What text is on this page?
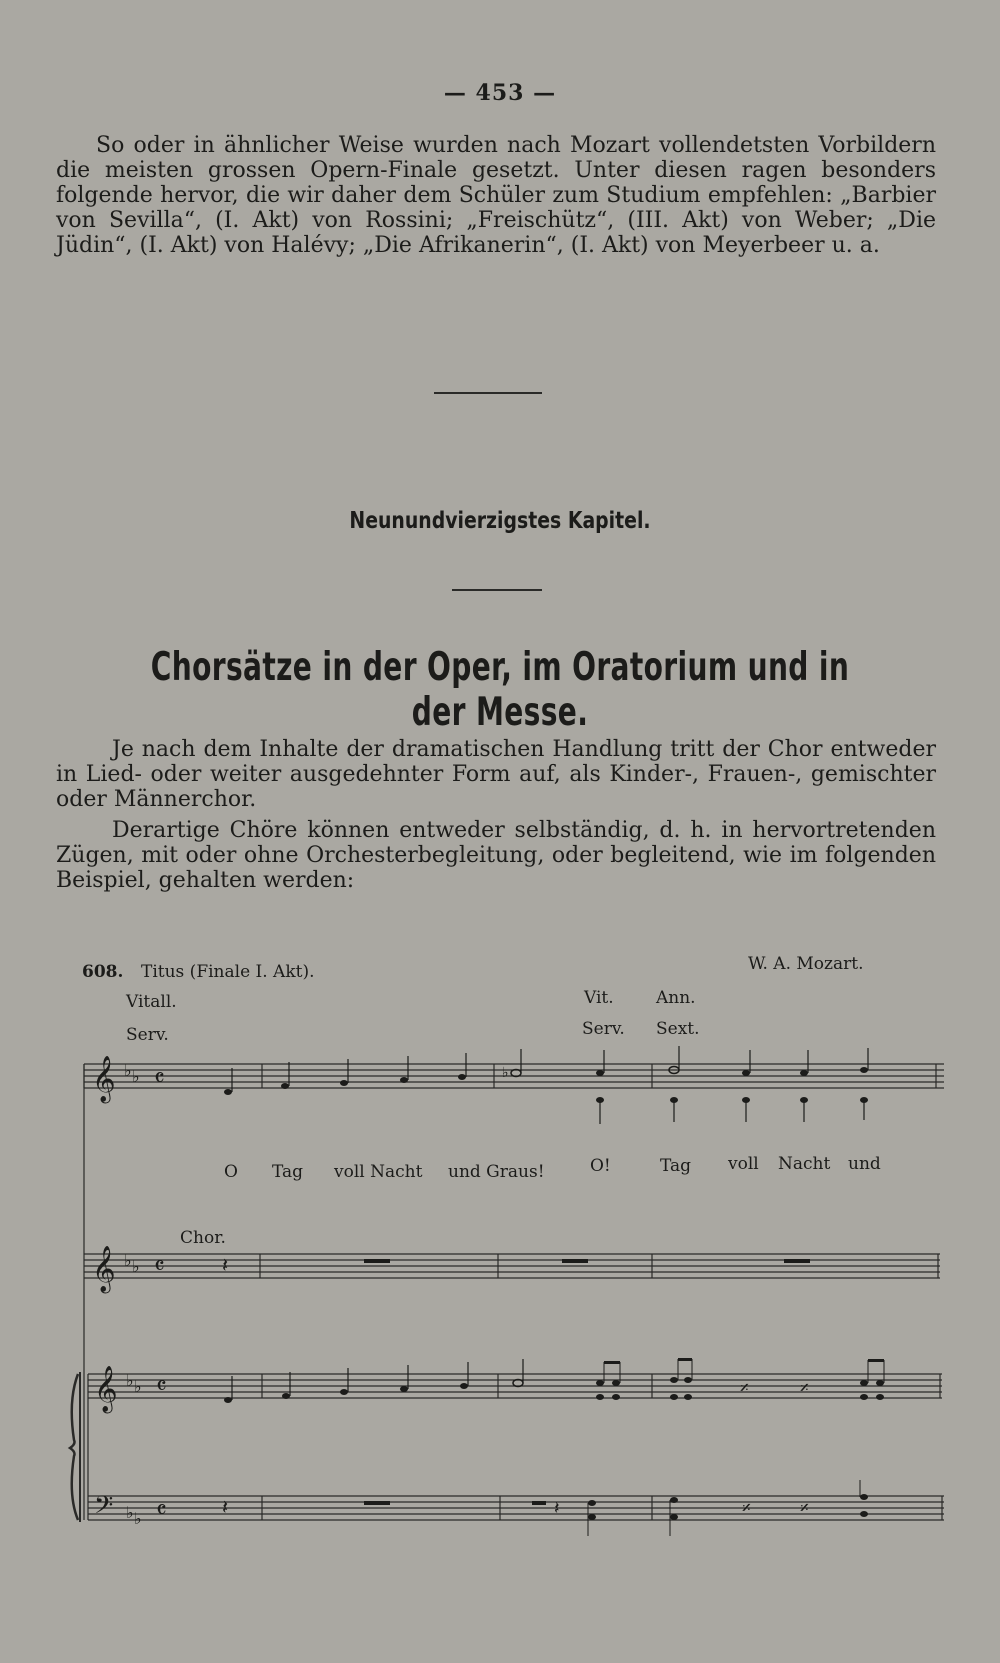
— 453 —
So oder in ähnlicher Weise wurden nach Mozart vollendetsten Vorbildern die meisten grossen Opern-Finale gesetzt. Unter diesen ragen besonders folgende hervor, die wir daher dem Schüler zum Studium empfehlen: „Barbier von Sevilla“, (I. Akt) von Rossini; „Freischütz“, (III. Akt) von Weber; „Die Jüdin“, (I. Akt) von Halévy; „Die Afrikanerin“, (I. Akt) von Meyerbeer u. a.
Neunundvierzigstes Kapitel.
Chorsätze in der Oper, im Oratorium und in der Messe.
Je nach dem Inhalte der dramatischen Handlung tritt der Chor entweder in Lied- oder weiter ausgedehnter Form auf, als Kinder-, Frauen-, gemischter oder Männerchor.
Derartige Chöre können entweder selbständig, d. h. in hervortretenden Zügen, mit oder ohne Orchesterbegleitung, oder begleitend, wie im folgenden Beispiel, gehalten werden:
608. Titus (Finale I. Akt).	W. A. Mozart.
Vitall.
Serv.
Vit.
Serv.
Ann.
Sext.
𝄞
𝄞
𝄞
𝄢
♭ ♭
♭ ♭
♭ ♭
♭ ♭
𝄴
𝄴
𝄴
𝄴
♭
𝄽
𝄎	𝄎
𝄽	𝄽	𝄎	𝄎
O Tag voll Nacht und Graus!	O!	Tag voll Nacht und
Chor.
